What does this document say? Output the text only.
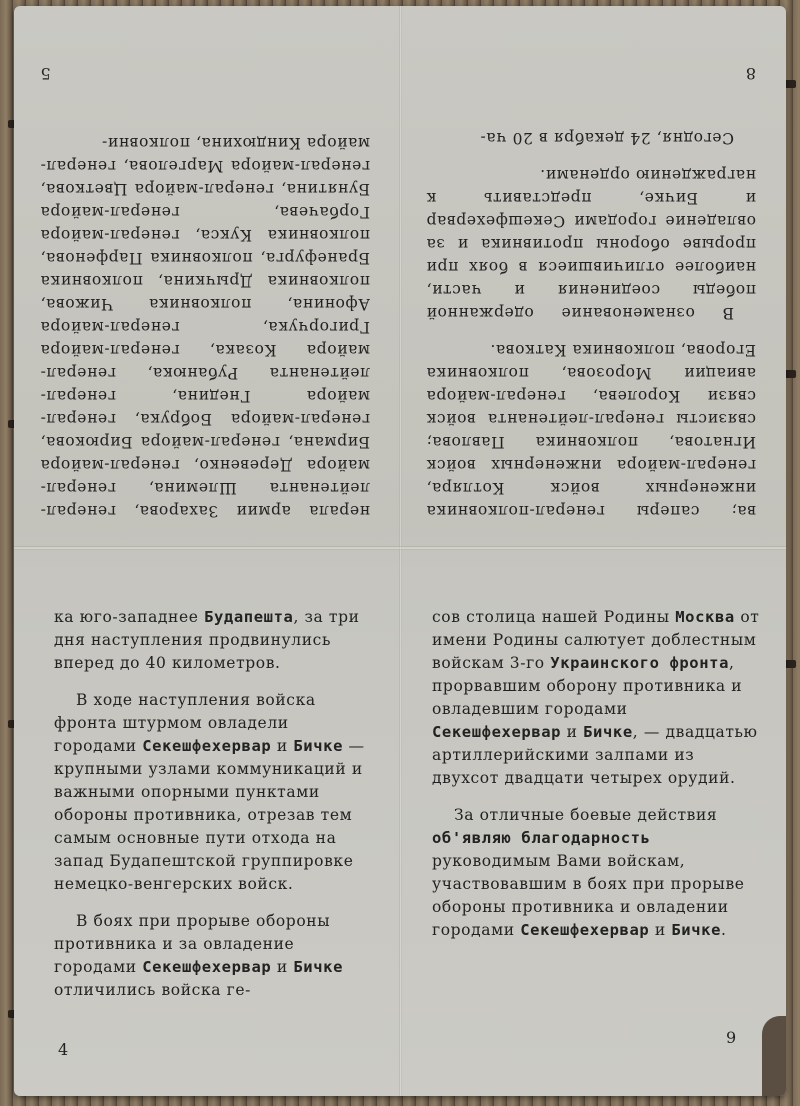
нерала армии Захарова, генерал-лейтенанта Шлемина, генерал-майора Деревенко, генерал-майора Бирмана, генерал-майора Бирюкова, генерал-майора Бобрука, генерал-майора Гнедина, генерал-лейтенанта Рубанюка, генерал-майора Козака, генерал-майора Григорчука, генерал-майора Афонина, полковника Чижова, полковника Дрычкина, полковника Бранефурга, полковника Парфенова, полковника Кукса, генерал-майора Горбачева, генерал-майора Бунятина, генерал-майора Цветкова, генерал-майора Маргелова, генерал-майора Киндюхина, полковни-

5

ва; саперы генерал-полковника инженерных войск Котляра, генерал-майора инженерных войск Игнатова, полковника Павлова; связисты генерал-лейтенанта войск связи Королева, генерал-майора авиации Морозова, полковника Егорова, полковника Каткова.

В ознаменование одержанной победы соединения и части, наиболее отличившиеся в боях при прорыве обороны противника и за овладение городами Секешфехервар и Бичке, представить к награждению орденами.

Сегодня, 24 декабря в 20 ча-

8

ка юго-западнее Будапешта, за три дня наступления продвинулись вперед до 40 километров.

В ходе наступления войска фронта штурмом овладели городами Секешфехервар и Бичке — крупными узлами коммуникаций и важными опорными пунктами обороны противника, отрезав тем самым основные пути отхода на запад Будапештской группировке немецко-венгерских войск.

В боях при прорыве обороны противника и за овладение городами Секешфехервар и Бичке отличились войска ге-

4

сов столица нашей Родины Москва от имени Родины салютует доблестным войскам 3-го Украинского фронта, прорвавшим оборону противника и овладевшим городами Секешфехервар и Бичке, — двадцатью артиллерийскими залпами из двухсот двадцати четырех орудий.

За отличные боевые действия об'являю благодарность руководимым Вами войскам, участвовавшим в боях при прорыве обороны противника и овладении городами Секешфехервар и Бичке.

9
